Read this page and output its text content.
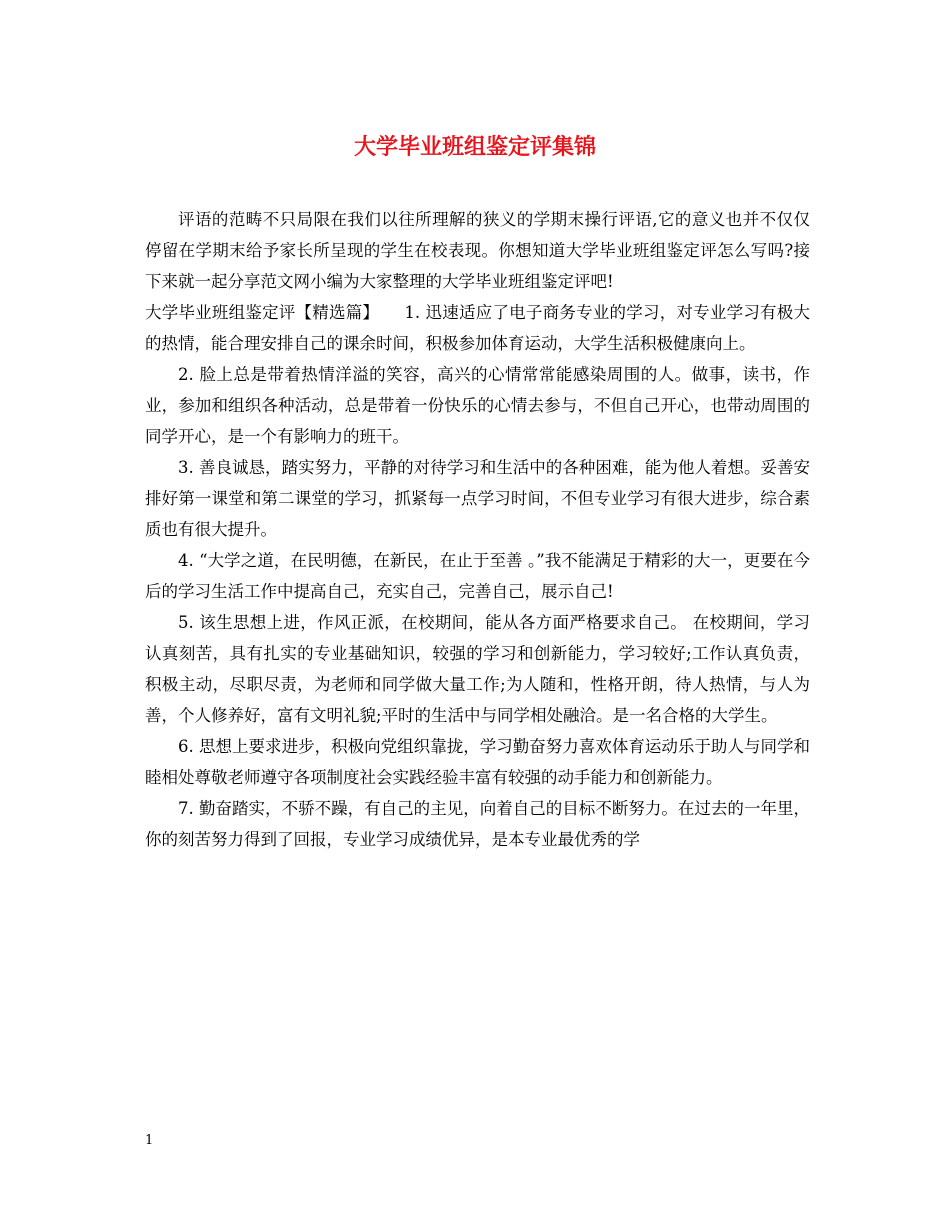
大学毕业班组鉴定评集锦

评语的范畴不只局限在我们以往所理解的狭义的学期末操行评语,它的意义也并不仅仅停留在学期末给予家长所呈现的学生在校表现。你想知道大学毕业班组鉴定评怎么写吗?接下来就一起分享范文网小编为大家整理的大学毕业班组鉴定评吧!

大学毕业班组鉴定评【精选篇】　　1. 迅速适应了电子商务专业的学习，对专业学习有极大的热情，能合理安排自己的课余时间，积极参加体育运动，大学生活积极健康向上。

2. 脸上总是带着热情洋溢的笑容，高兴的心情常常能感染周围的人。做事，读书，作业，参加和组织各种活动，总是带着一份快乐的心情去参与，不但自己开心，也带动周围的同学开心，是一个有影响力的班干。

3. 善良诚恳，踏实努力，平静的对待学习和生活中的各种困难，能为他人着想。妥善安排好第一课堂和第二课堂的学习，抓紧每一点学习时间，不但专业学习有很大进步，综合素质也有很大提升。

4. “大学之道，在民明德，在新民，在止于至善 。”我不能满足于精彩的大一，更要在今后的学习生活工作中提高自己，充实自己，完善自己，展示自己!

5. 该生思想上进，作风正派，在校期间，能从各方面严格要求自己。 在校期间，学习认真刻苦，具有扎实的专业基础知识，较强的学习和创新能力，学习较好;工作认真负责，积极主动，尽职尽责，为老师和同学做大量工作;为人随和，性格开朗，待人热情，与人为善，个人修养好，富有文明礼貌;平时的生活中与同学相处融洽。是一名合格的大学生。

6. 思想上要求进步，积极向党组织靠拢，学习勤奋努力喜欢体育运动乐于助人与同学和睦相处尊敬老师遵守各项制度社会实践经验丰富有较强的动手能力和创新能力。

7. 勤奋踏实，不骄不躁，有自己的主见，向着自己的目标不断努力。在过去的一年里，你的刻苦努力得到了回报，专业学习成绩优异，是本专业最优秀的学

1
